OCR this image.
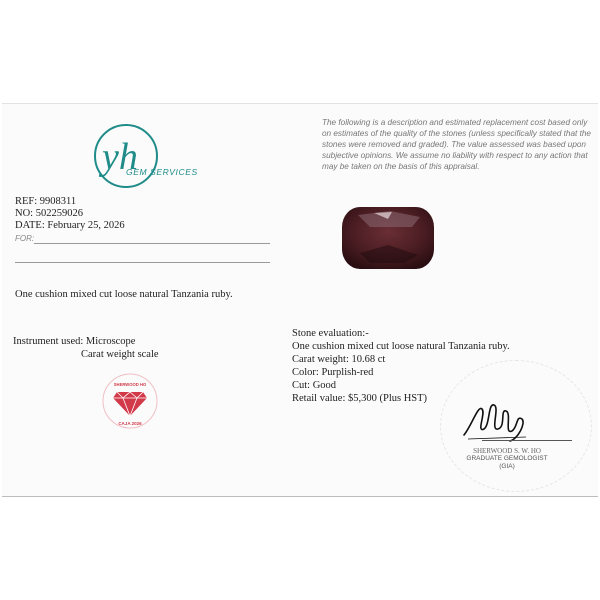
yh
GEM SERVICES
The following is a description and estimated replacement cost based only on estimates of the quality of the stones (unless specifically stated that the stones were removed and graded). The value assessed was based upon subjective opinions. We assume no liability with respect to any action that may be taken on the basis of this appraisal.
REF: 9908311
NO: 502259026
DATE: February 25, 2026
FOR:
One cushion mixed cut loose natural Tanzania ruby.
Instrument used: Microscope
Carat weight scale
SHERWOOD HO
CAJA 2026
Stone evaluation:-
One cushion mixed cut loose natural Tanzania ruby.
Carat weight: 10.68 ct
Color: Purplish-red
Cut: Good
Retail value: $5,300 (Plus HST)
SHERWOOD S. W. HO
GRADUATE GEMOLOGIST
(GIA)
